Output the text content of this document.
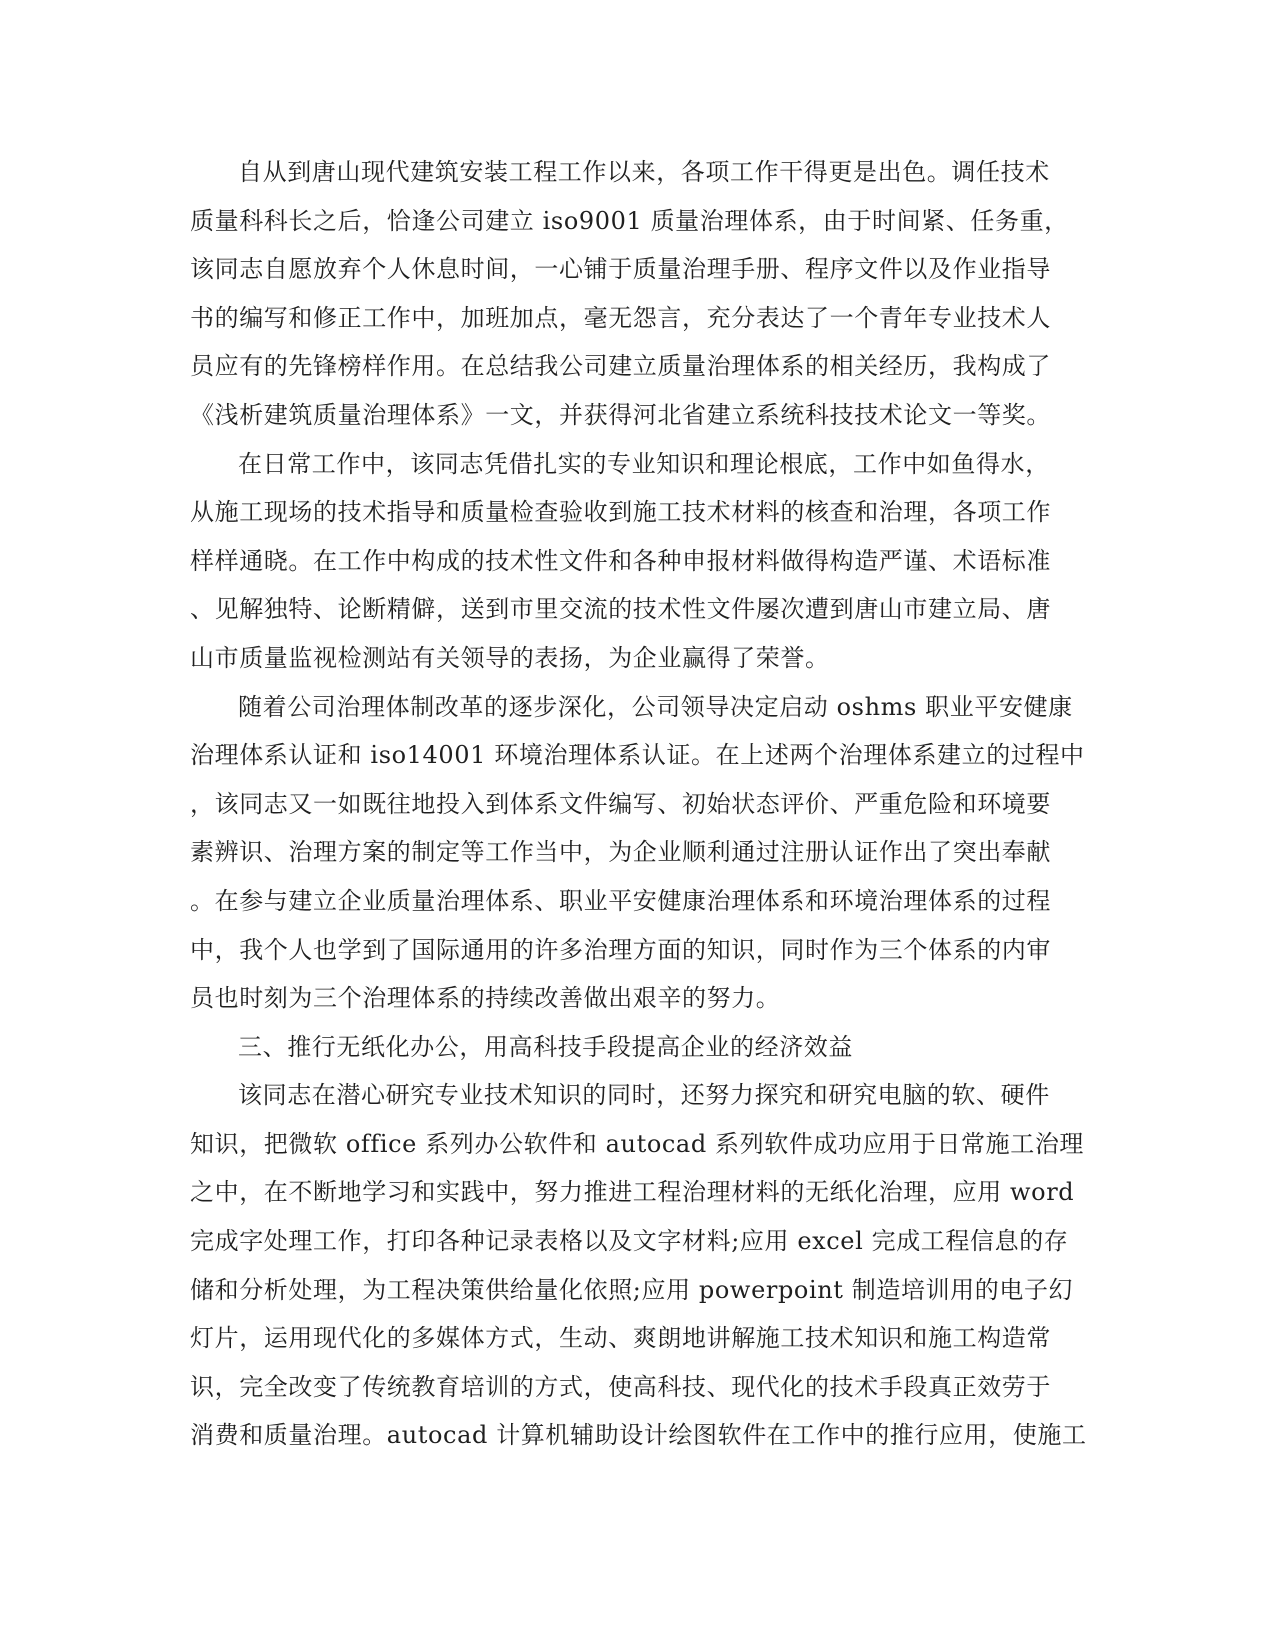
自从到唐山现代建筑安装工程工作以来，各项工作干得更是出色。调任技术
质量科科长之后，恰逢公司建立 iso9001 质量治理体系，由于时间紧、任务重，
该同志自愿放弃个人休息时间，一心铺于质量治理手册、程序文件以及作业指导
书的编写和修正工作中，加班加点，毫无怨言，充分表达了一个青年专业技术人
员应有的先锋榜样作用。在总结我公司建立质量治理体系的相关经历，我构成了
《浅析建筑质量治理体系》一文，并获得河北省建立系统科技技术论文一等奖。
在日常工作中，该同志凭借扎实的专业知识和理论根底，工作中如鱼得水，
从施工现场的技术指导和质量检查验收到施工技术材料的核查和治理，各项工作
样样通晓。在工作中构成的技术性文件和各种申报材料做得构造严谨、术语标准
、见解独特、论断精僻，送到市里交流的技术性文件屡次遭到唐山市建立局、唐
山市质量监视检测站有关领导的表扬，为企业赢得了荣誉。
随着公司治理体制改革的逐步深化，公司领导决定启动 oshms 职业平安健康
治理体系认证和 iso14001 环境治理体系认证。在上述两个治理体系建立的过程中
，该同志又一如既往地投入到体系文件编写、初始状态评价、严重危险和环境要
素辨识、治理方案的制定等工作当中，为企业顺利通过注册认证作出了突出奉献
。在参与建立企业质量治理体系、职业平安健康治理体系和环境治理体系的过程
中，我个人也学到了国际通用的许多治理方面的知识，同时作为三个体系的内审
员也时刻为三个治理体系的持续改善做出艰辛的努力。
三、推行无纸化办公，用高科技手段提高企业的经济效益
该同志在潜心研究专业技术知识的同时，还努力探究和研究电脑的软、硬件
知识，把微软 office 系列办公软件和 autocad 系列软件成功应用于日常施工治理
之中，在不断地学习和实践中，努力推进工程治理材料的无纸化治理，应用 word
完成字处理工作，打印各种记录表格以及文字材料;应用 excel 完成工程信息的存
储和分析处理，为工程决策供给量化依照;应用 powerpoint 制造培训用的电子幻
灯片，运用现代化的多媒体方式，生动、爽朗地讲解施工技术知识和施工构造常
识，完全改变了传统教育培训的方式，使高科技、现代化的技术手段真正效劳于
消费和质量治理。autocad 计算机辅助设计绘图软件在工作中的推行应用，使施工
